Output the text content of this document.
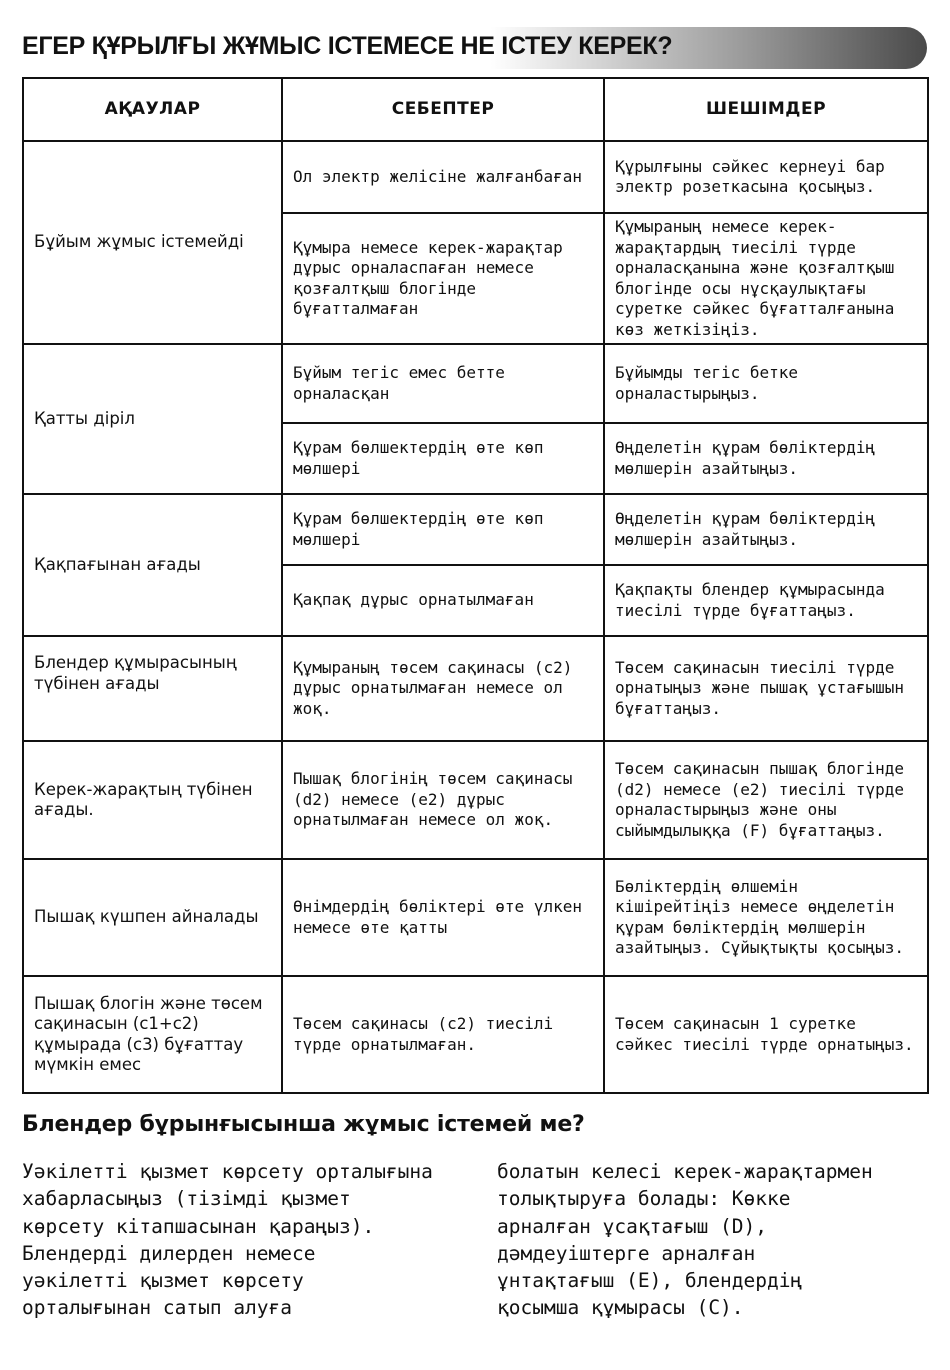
ЕГЕР ҚҰРЫЛҒЫ ЖҰМЫС ІСТЕМЕСЕ НЕ ІСТЕУ КЕРЕК?
АҚАУЛАР	СЕБЕПТЕР	ШЕШІМДЕР
Бұйым жұмыс істемейді	Ол электр желісіне жалғанбаған	Құрылғыны сәйкес кернеуі бар электр розеткасына қосыңыз.
	Құмыра немесе керек-жарақтар дұрыс орналаспаған немесе қозғалтқыш блогінде бұғатталмаған	Құмыраның немесе керек-жарақтардың тиесілі түрде орналасқанына және қозғалтқыш блогінде осы нұсқаулықтағы суретке сәйкес бұғатталғанына көз жеткізіңіз.
Қатты діріл	Бұйым тегіс емес бетте орналасқан	Бұйымды тегіс бетке орналастырыңыз.
	Құрам бөлшектердің өте көп мөлшері	Өңделетін құрам бөліктердің мөлшерін азайтыңыз.
Қақпағынан ағады	Құрам бөлшектердің өте көп мөлшері	Өңделетін құрам бөліктердің мөлшерін азайтыңыз.
	Қақпақ дұрыс орнатылмаған	Қақпақты блендер құмырасында тиесілі түрде бұғаттаңыз.
Блендер құмырасының түбінен ағады	Құмыраның төсем сақинасы (c2) дұрыс орнатылмаған немесе ол жоқ.	Төсем сақинасын тиесілі түрде орнатыңыз және пышақ ұстағышын бұғаттаңыз.
Керек-жарақтың түбінен ағады.	Пышақ блогінің төсем сақинасы (d2) немесе (e2) дұрыс орнатылмаған немесе ол жоқ.	Төсем сақинасын пышақ блогінде (d2) немесе (e2) тиесілі түрде орналастырыңыз және оны сыйымдылыққа (F) бұғаттаңыз.
Пышақ күшпен айналады	Өнімдердің бөліктері өте үлкен немесе өте қатты	Бөліктердің өлшемін кішірейтіңіз немесе өңделетін құрам бөліктердің мөлшерін азайтыңыз. Сұйықтықты қосыңыз.
Пышақ блогін және төсем сақинасын (c1+c2) құмырада (c3) бұғаттау мүмкін емес	Төсем сақинасы (c2) тиесілі түрде орнатылмаған.	Төсем сақинасын 1 суретке сәйкес тиесілі түрде орнатыңыз.
Блендер бұрынғысынша жұмыс істемей ме?
Уәкілетті қызмет көрсету орталығына
хабарласыңыз (тізімді қызмет
көрсету кітапшасынан қараңыз).
Блендерді дилерден немесе
уәкілетті қызмет көрсету
орталығынан сатып алуға
болатын келесі керек-жарақтармен
толықтыруға болады: Көкке
арналған ұсақтағыш (D),
дәмдеуіштерге арналған
ұнтақтағыш (E), блендердің
қосымша құмырасы (C).
